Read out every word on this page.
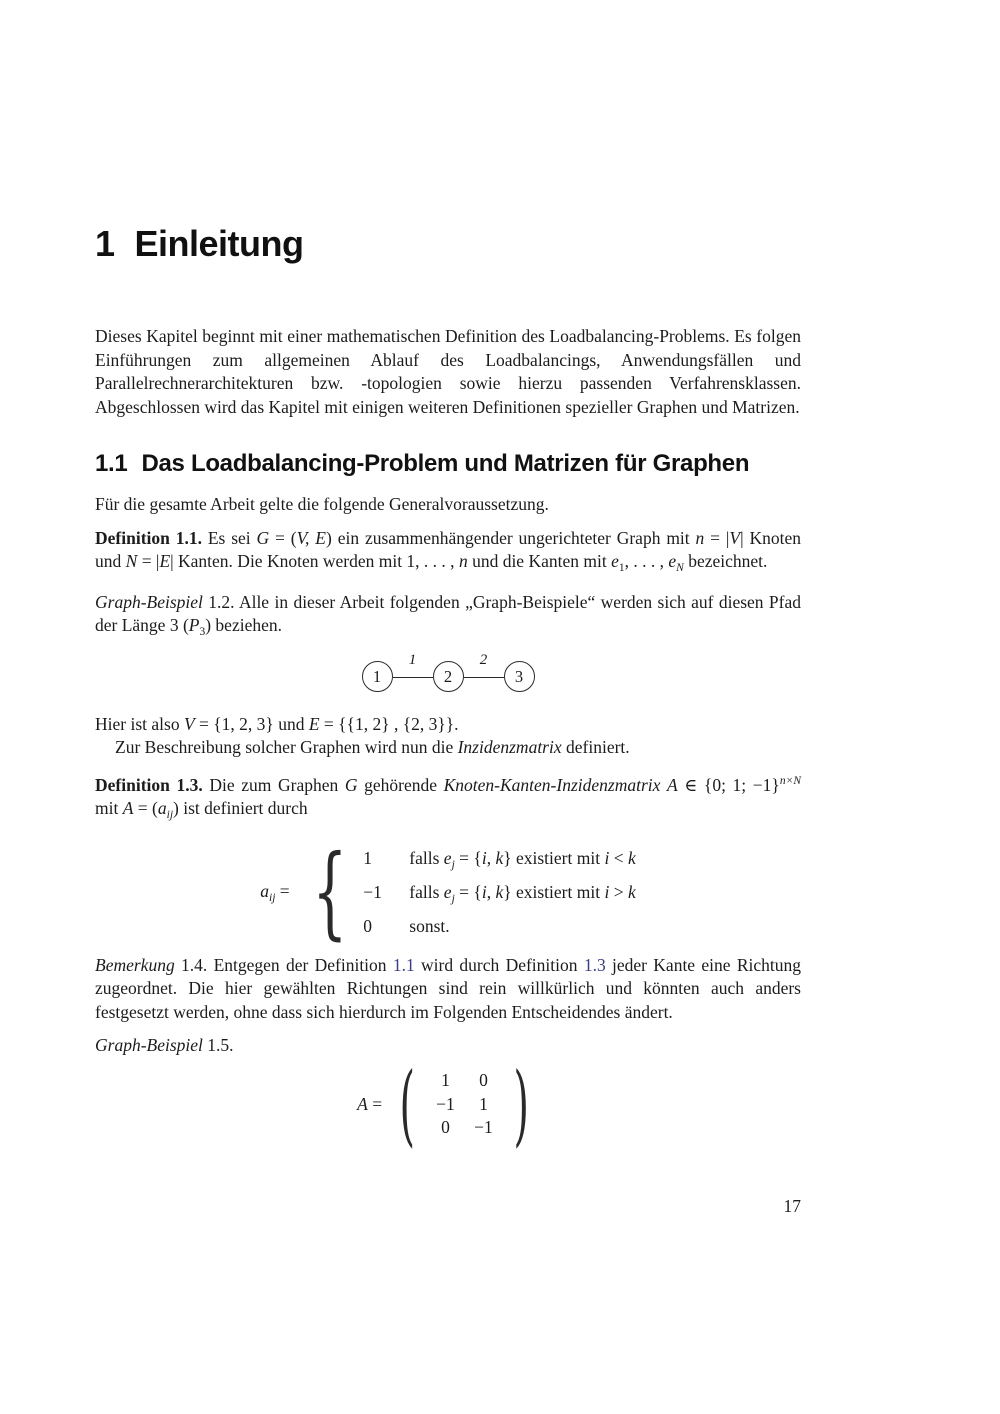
1 Einleitung

Dieses Kapitel beginnt mit einer mathematischen Definition des Loadbalancing-Problems. Es folgen Einführungen zum allgemeinen Ablauf des Loadbalancings, Anwendungsfällen und Parallelrechnerarchitekturen bzw. -topologien sowie hierzu passenden Verfahrensklassen. Abgeschlossen wird das Kapitel mit einigen weiteren Definitionen spezieller Graphen und Matrizen.

1.1 Das Loadbalancing-Problem und Matrizen für Graphen

Für die gesamte Arbeit gelte die folgende Generalvoraussetzung.

Definition 1.1. Es sei G = (V, E) ein zusammenhängender ungerichteter Graph mit n = |V| Knoten und N = |E| Kanten. Die Knoten werden mit 1, . . . , n und die Kanten mit $e_1$, . . . , $e_N$ bezeichnet.

Graph-Beispiel 1.2. Alle in dieser Arbeit folgenden „Graph-Beispiele“ werden sich auf diesen Pfad der Länge 3 $(P_3)$ beziehen.

1
1
2
2
3

Hier ist also V = {1, 2, 3} und E = {{1, 2} , {2, 3}}.

Zur Beschreibung solcher Graphen wird nun die Inzidenzmatrix definiert.

Definition 1.3. Die zum Graphen G gehörende Knoten-Kanten-Inzidenzmatrix A ∈ {0; 1; −1}$^{n\times N}$ mit $A = (a_{ij})$ ist definiert durch

$a_{ij}$ = { 1	falls $e_j = \{i$, k} existiert mit i < k
−1	falls $e_j = \{i$, k} existiert mit i > k
0	sonst.

Bemerkung 1.4. Entgegen der Definition 1.1 wird durch Definition 1.3 jeder Kante eine Richtung zugeordnet. Die hier gewählten Richtungen sind rein willkürlich und könnten auch anders festgesetzt werden, ohne dass sich hierdurch im Folgenden Entscheidendes ändert.

Graph-Beispiel 1.5.

A = (	1	0
−1	1
0	−1 )
17
